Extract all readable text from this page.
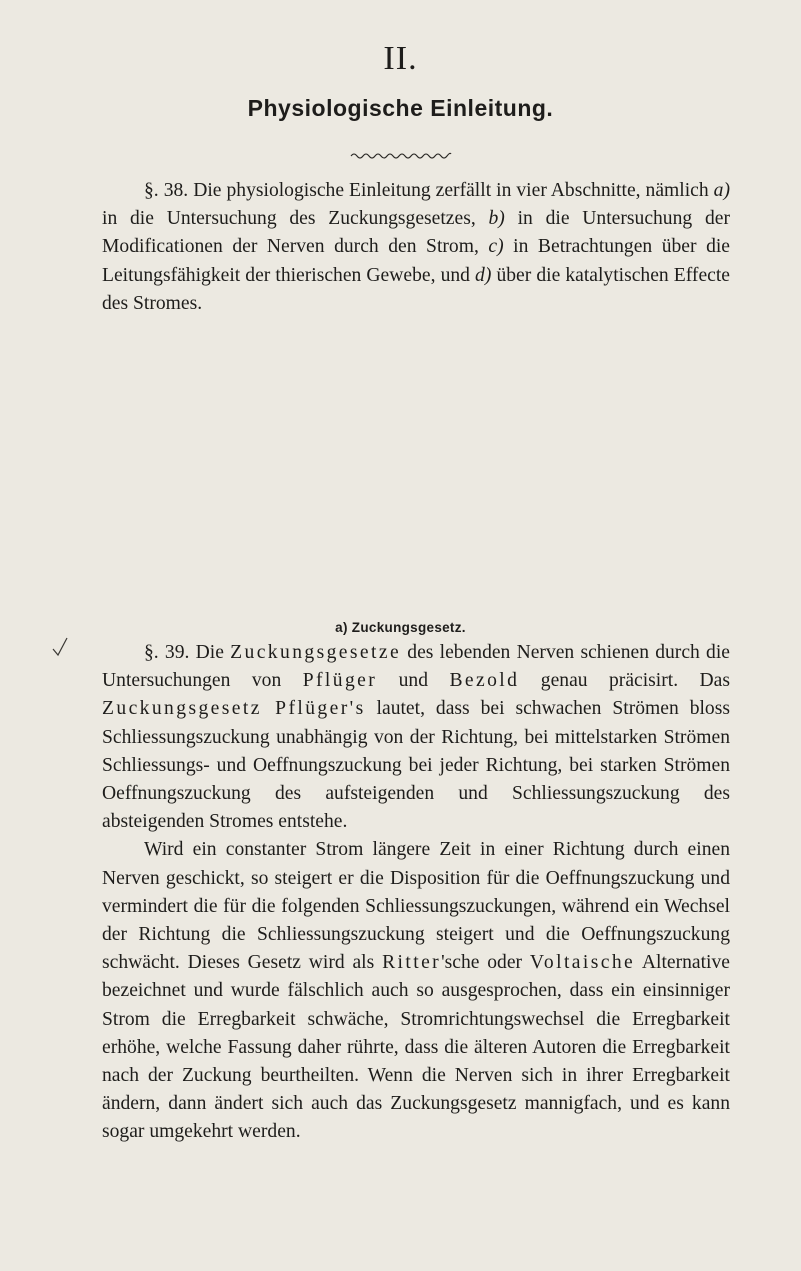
II.
Physiologische Einleitung.

§. 38. Die physiologische Einleitung zerfällt in vier Abschnitte, nämlich a) in die Untersuchung des Zuckungsgesetzes, b) in die Untersuchung der Modificationen der Nerven durch den Strom, c) in Betrachtungen über die Leitungsfähigkeit der thierischen Gewebe, und d) über die katalytischen Effecte des Stromes.

a) Zuckungsgesetz.

§. 39. Die Zuckungsgesetze des lebenden Nerven schienen durch die Untersuchungen von Pflüger und Bezold genau präcisirt. Das Zuckungsgesetz Pflüger's lautet, dass bei schwachen Strömen bloss Schliessungszuckung unabhängig von der Richtung, bei mittelstarken Strömen Schliessungs- und Oeffnungszuckung bei jeder Richtung, bei starken Strömen Oeffnungszuckung des aufsteigenden und Schliessungszuckung des absteigenden Stromes entstehe.

Wird ein constanter Strom längere Zeit in einer Richtung durch einen Nerven geschickt, so steigert er die Disposition für die Oeffnungszuckung und vermindert die für die folgenden Schliessungszuckungen, während ein Wechsel der Richtung die Schliessungszuckung steigert und die Oeffnungszuckung schwächt. Dieses Gesetz wird als Ritter'sche oder Voltaische Alternative bezeichnet und wurde fälschlich auch so ausgesprochen, dass ein einsinniger Strom die Erregbarkeit schwäche, Stromrichtungswechsel die Erregbarkeit erhöhe, welche Fassung daher rührte, dass die älteren Autoren die Erregbarkeit nach der Zuckung beurtheilten. Wenn die Nerven sich in ihrer Erregbarkeit ändern, dann ändert sich auch das Zuckungsgesetz mannigfach, und es kann sogar umgekehrt werden.
